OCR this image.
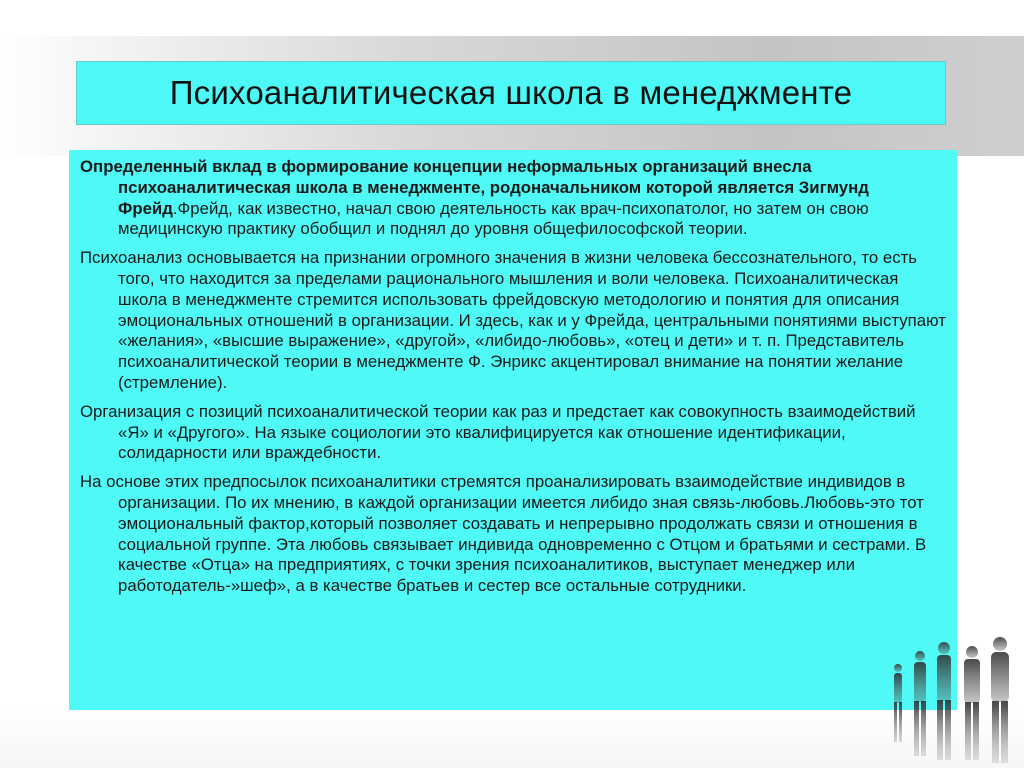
Психоаналитическая школа в менеджменте

Определенный вклад в формирование концепции неформальных организаций внесла психоаналитическая школа в менеджменте, родоначальником которой является Зигмунд Фрейд.Фрейд, как известно, начал свою деятельность как врач-психопатолог, но затем он свою медицинскую практику обобщил и поднял до уровня общефилософской теории.

Психоанализ основывается на признании огромного значения в жизни человека бессознательного, то есть того, что находится за пределами рационального мышления и воли человека. Психоаналитическая школа в менеджменте стремится использовать фрейдовскую методологию и понятия для описания эмоциональных отношений в организации. И здесь, как и у Фрейда, центральными понятиями выступают «желания», «высшие выражение», «другой», «либидо-любовь», «отец и дети» и т. п. Представитель психоаналитической теории в менеджменте Ф. Энрикс акцентировал внимание на понятии желание (стремление).

Организация с позиций психоаналитической теории как раз и предстает как совокупность взаимодействий «Я» и «Другого». На языке социологии это квалифицируется как отношение идентификации, солидарности или враждебности.

На основе этих предпосылок психоаналитики стремятся проанализировать взаимодействие индивидов в организации. По их мнению, в каждой организации имеется либидо зная связь-любовь.Любовь-это тот эмоциональный фактор,который позволяет создавать и непрерывно продолжать связи и отношения в социальной группе. Эта любовь связывает индивида одновременно с Отцом и братьями и сестрами. В качестве «Отца» на предприятиях, с точки зрения психоаналитиков, выступает менеджер или работодатель-»шеф», а в качестве братьев и сестер все остальные сотрудники.
